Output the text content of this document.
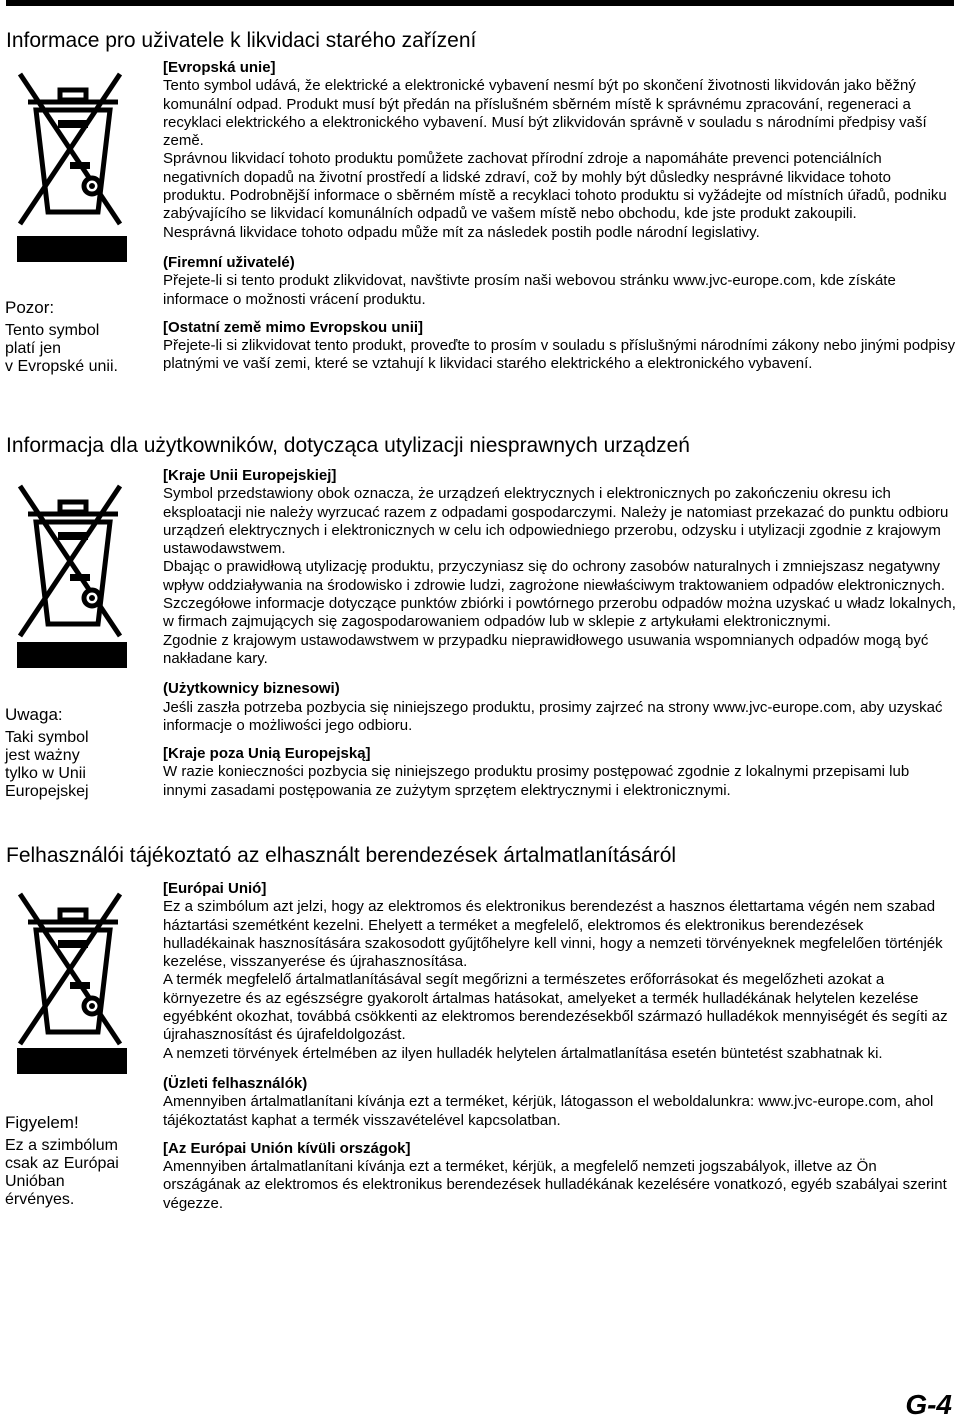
Informace pro uživatele k likvidaci starého zařízení
Pozor:
Tento symbol
platí jen
v Evropské unii.
[Evropská unie]

Tento symbol udává, že elektrické a elektronické vybavení nesmí být po skončení životnosti likvidován jako běžný komunální odpad. Produkt musí být předán na příslušném sběrném místě k správnému zpracování, regeneraci a recyklaci elektrického a elektronického vybavení. Musí být zlikvidován správně v souladu s národními předpisy vaší země.

Správnou likvidací tohoto produktu pomůžete zachovat přírodní zdroje a napomáháte prevenci potenciálních negativních dopadů na životní prostředí a lidské zdraví, což by mohly být důsledky nesprávné likvidace tohoto produktu. Podrobnější informace o sběrném místě a recyklaci tohoto produktu si vyžádejte od místních úřadů, podniku zabývajícího se likvidací komunálních odpadů ve vašem místě nebo obchodu, kde jste produkt zakoupili.

Nesprávná likvidace tohoto odpadu může mít za následek postih podle národní legislativy.

(Firemní uživatelé)

Přejete-li si tento produkt zlikvidovat, navštivte prosím naši webovou stránku www.jvc-europe.com, kde získáte informace o možnosti vrácení produktu.

[Ostatní země mimo Evropskou unii]

Přejete-li si zlikvidovat tento produkt, proveďte to prosím v souladu s příslušnými národními zákony nebo jinými podpisy platnými ve vaší zemi, které se vztahují k likvidaci starého elektrického a elektronického vybavení.

Informacja dla użytkowników, dotycząca utylizacji niesprawnych urządzeń
Uwaga:
Taki symbol
jest ważny
tylko w Unii
Europejskej
[Kraje Unii Europejskiej]

Symbol przedstawiony obok oznacza, że urządzeń elektrycznych i elektronicznych po zakończeniu okresu ich eksploatacji nie należy wyrzucać razem z odpadami gospodarczymi. Należy je natomiast przekazać do punktu odbioru urządzeń elektrycznych i elektronicznych w celu ich odpowiedniego przerobu, odzysku i utylizacji zgodnie z krajowym ustawodawstwem.

Dbając o prawidłową utylizację produktu, przyczyniasz się do ochrony zasobów naturalnych i zmniejszasz negatywny wpływ oddziaływania na środowisko i zdrowie ludzi, zagrożone niewłaściwym traktowaniem odpadów elektronicznych. Szczegółowe informacje dotyczące punktów zbiórki i powtórnego przerobu odpadów można uzyskać u władz lokalnych, w firmach zajmujących się zagospodarowaniem odpadów lub w sklepie z artykułami elektronicznymi.

Zgodnie z krajowym ustawodawstwem w przypadku nieprawidłowego usuwania wspomnianych odpadów mogą być nakładane kary.

(Użytkownicy biznesowi)

Jeśli zaszła potrzeba pozbycia się niniejszego produktu, prosimy zajrzeć na strony www.jvc-europe.com, aby uzyskać informacje o możliwości jego odbioru.

[Kraje poza Unią Europejską]

W razie konieczności pozbycia się niniejszego produktu prosimy postępować zgodnie z lokalnymi przepisami lub innymi zasadami postępowania ze zużytym sprzętem elektrycznymi i elektronicznymi.

Felhasználói tájékoztató az elhasznált berendezések ártalmatlanításáról
Figyelem!
Ez a szimbólum
csak az Európai
Unióban
érvényes.
[Európai Unió]

Ez a szimbólum azt jelzi, hogy az elektromos és elektronikus berendezést a hasznos élettartama végén nem szabad háztartási szemétként kezelni. Ehelyett a terméket a megfelelő, elektromos és elektronikus berendezések hulladékainak hasznosítására szakosodott gyűjtőhelyre kell vinni, hogy a nemzeti törvényeknek megfelelően történjék kezelése, visszanyerése és újrahasznosítása.

A termék megfelelő ártalmatlanításával segít megőrizni a természetes erőforrásokat és megelőzheti azokat a környezetre és az egészségre gyakorolt ártalmas hatásokat, amelyeket a termék hulladékának helytelen kezelése egyébként okozhat, továbbá csökkenti az elektromos berendezésekből származó hulladékok mennyiségét és segíti az újrahasznosítást és újrafeldolgozást.

A nemzeti törvények értelmében az ilyen hulladék helytelen ártalmatlanítása esetén büntetést szabhatnak ki.

(Üzleti felhasználók)

Amennyiben ártalmatlanítani kívánja ezt a terméket, kérjük, látogasson el weboldalunkra: www.jvc-europe.com, ahol tájékoztatást kaphat a termék visszavételével kapcsolatban.

[Az Európai Unión kívüli országok]

Amennyiben ártalmatlanítani kívánja ezt a terméket, kérjük, a megfelelő nemzeti jogszabályok, illetve az Ön országának az elektromos és elektronikus berendezések hulladékának kezelésére vonatkozó, egyéb szabályai szerint végezze.

G-4
